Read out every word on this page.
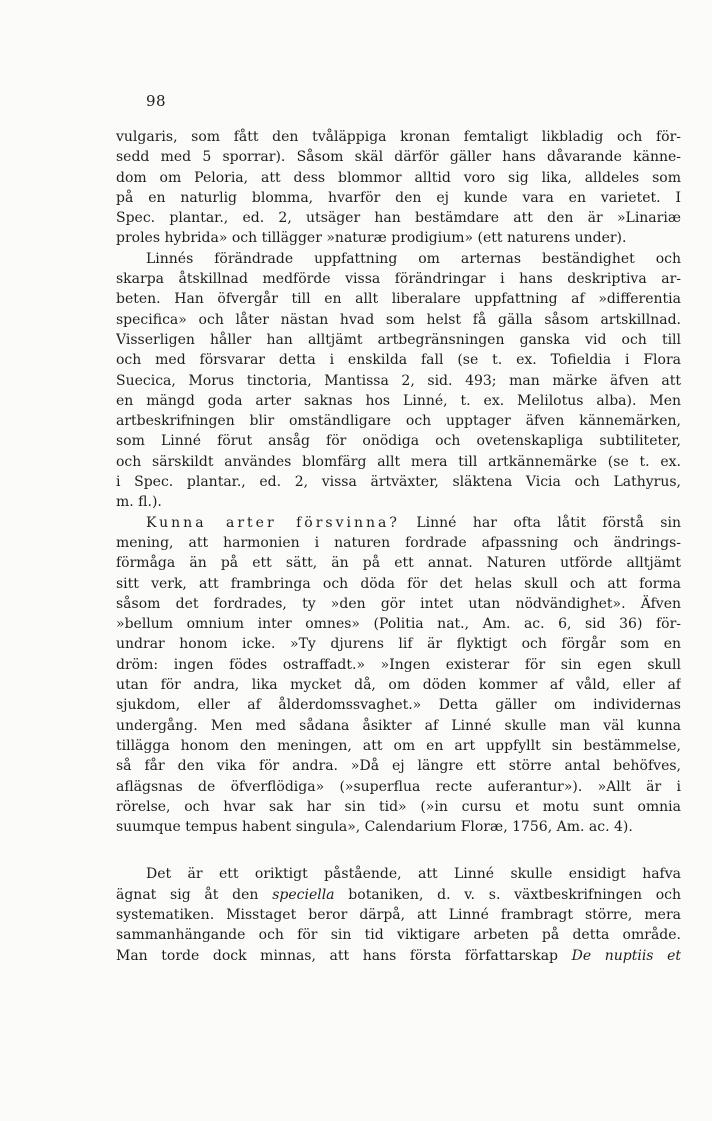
98
vulgaris, som fått den tvåläppiga kronan femtaligt likbladig och för-
sedd med 5 sporrar). Såsom skäl därför gäller hans dåvarande känne-
dom om Peloria, att dess blommor alltid voro sig lika, alldeles som
på en naturlig blomma, hvarför den ej kunde vara en varietet. I
Spec. plantar., ed. 2, utsäger han bestämdare att den är »Linariæ
proles hybrida» och tillägger »naturæ prodigium» (ett naturens under).
Linnés förändrade uppfattning om arternas beständighet och
skarpa åtskillnad medförde vissa förändringar i hans deskriptiva ar-
beten. Han öfvergår till en allt liberalare uppfattning af »differentia
specifica» och låter nästan hvad som helst få gälla såsom artskillnad.
Visserligen håller han alltjämt artbegränsningen ganska vid och till
och med försvarar detta i enskilda fall (se t. ex. Tofieldia i Flora
Suecica, Morus tinctoria, Mantissa 2, sid. 493; man märke äfven att
en mängd goda arter saknas hos Linné, t. ex. Melilotus alba). Men
artbeskrifningen blir omständligare och upptager äfven kännemärken,
som Linné förut ansåg för onödiga och ovetenskapliga subtiliteter,
och särskildt användes blomfärg allt mera till artkännemärke (se t. ex.
i Spec. plantar., ed. 2, vissa ärtväxter, släktena Vicia och Lathyrus,
m. fl.).
Kunna arter försvinna? Linné har ofta låtit förstå sin
mening, att harmonien i naturen fordrade afpassning och ändrings-
förmåga än på ett sätt, än på ett annat. Naturen utförde alltjämt
sitt verk, att frambringa och döda för det helas skull och att forma
såsom det fordrades, ty »den gör intet utan nödvändighet». Äfven
»bellum omnium inter omnes» (Politia nat., Am. ac. 6, sid 36) för-
undrar honom icke. »Ty djurens lif är flyktigt och förgår som en
dröm: ingen födes ostraffadt.» »Ingen existerar för sin egen skull
utan för andra, lika mycket då, om döden kommer af våld, eller af
sjukdom, eller af ålderdomssvaghet.» Detta gäller om individernas
undergång. Men med sådana åsikter af Linné skulle man väl kunna
tillägga honom den meningen, att om en art uppfyllt sin bestämmelse,
så får den vika för andra. »Då ej längre ett större antal behöfves,
aflägsnas de öfverflödiga» (»superflua recte auferantur»). »Allt är i
rörelse, och hvar sak har sin tid» (»in cursu et motu sunt omnia
suumque tempus habent singula», Calendarium Floræ, 1756, Am. ac. 4).
Det är ett oriktigt påstående, att Linné skulle ensidigt hafva
ägnat sig åt den speciella botaniken, d. v. s. växtbeskrifningen och
systematiken. Misstaget beror därpå, att Linné frambragt större, mera
sammanhängande och för sin tid viktigare arbeten på detta område.
Man torde dock minnas, att hans första författarskap De nuptiis et
